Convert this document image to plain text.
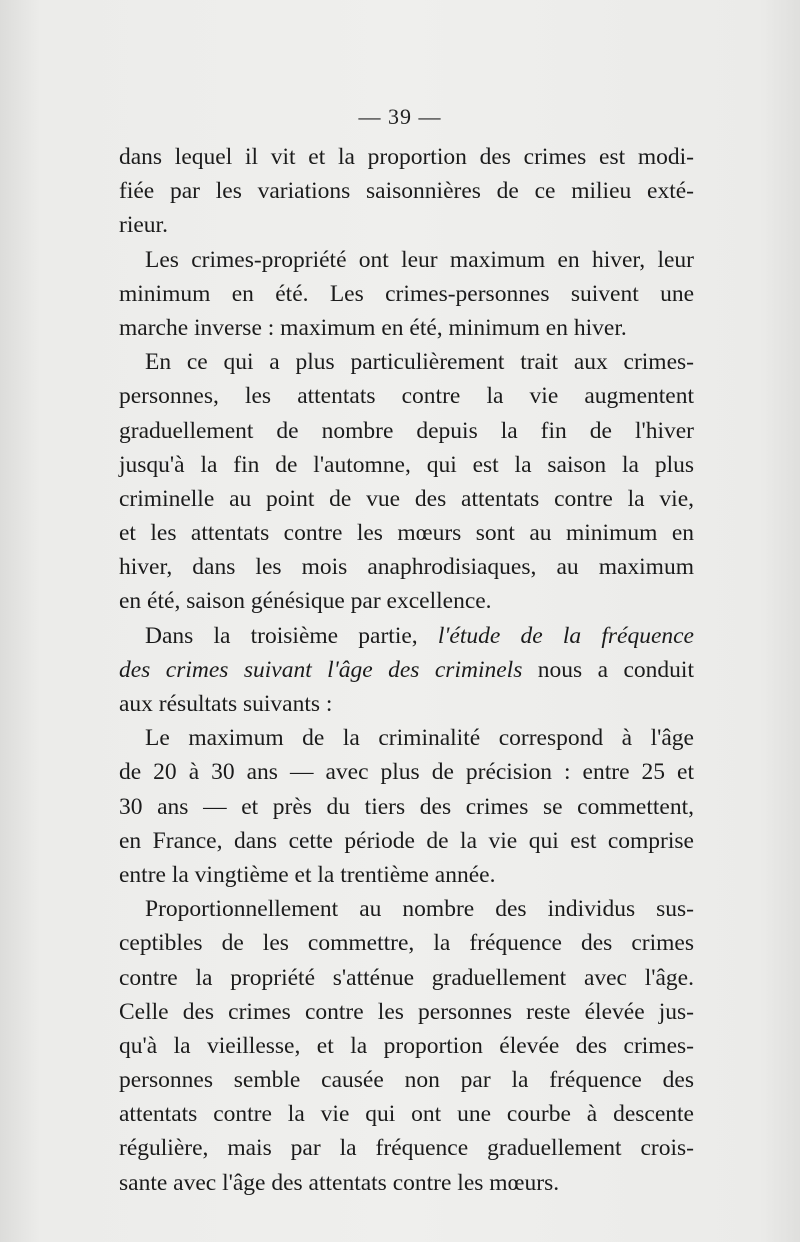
— 39 —
dans lequel il vit et la proportion des crimes est modi-
fiée par les variations saisonnières de ce milieu exté-
rieur.
Les crimes-propriété ont leur maximum en hiver, leur
minimum en été. Les crimes-personnes suivent une
marche inverse : maximum en été, minimum en hiver.
En ce qui a plus particulièrement trait aux crimes-
personnes, les attentats contre la vie augmentent
graduellement de nombre depuis la fin de l'hiver
jusqu'à la fin de l'automne, qui est la saison la plus
criminelle au point de vue des attentats contre la vie,
et les attentats contre les mœurs sont au minimum en
hiver, dans les mois anaphrodisiaques, au maximum
en été, saison génésique par excellence.
Dans la troisième partie, l'étude de la fréquence
des crimes suivant l'âge des criminels nous a conduit
aux résultats suivants :
Le maximum de la criminalité correspond à l'âge
de 20 à 30 ans — avec plus de précision : entre 25 et
30 ans — et près du tiers des crimes se commettent,
en France, dans cette période de la vie qui est comprise
entre la vingtième et la trentième année.
Proportionnellement au nombre des individus sus-
ceptibles de les commettre, la fréquence des crimes
contre la propriété s'atténue graduellement avec l'âge.
Celle des crimes contre les personnes reste élevée jus-
qu'à la vieillesse, et la proportion élevée des crimes-
personnes semble causée non par la fréquence des
attentats contre la vie qui ont une courbe à descente
régulière, mais par la fréquence graduellement crois-
sante avec l'âge des attentats contre les mœurs.
